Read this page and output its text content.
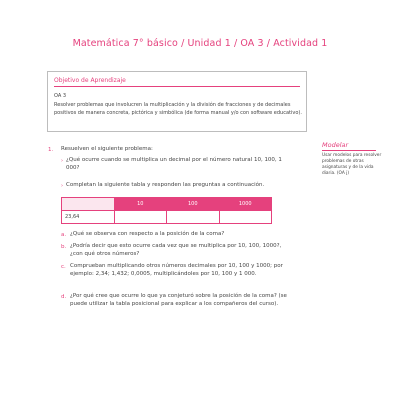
Matemática 7° básico / Unidad 1 / OA 3 / Actividad 1
Objetivo de Aprendizaje
OA 3
Resolver problemas que involucren la multiplicación y la división de fracciones y de decimales positivos de manera concreta, pictórica y simbólica (de forma manual y/o con software educativo).
Modelar
Usar modelos para resolver problemas de otras asignaturas y de la vida diaria. (OA j)
1. Resuelven el siguiente problema:
› ¿Qué ocurre cuando se multiplica un decimal por el número natural 10, 100, 1 000?
› Completan la siguiente tabla y responden las preguntas a continuación.
	10	100	1000
23,64			
a. ¿Qué se observa con respecto a la posición de la coma?
b. ¿Podría decir que esto ocurre cada vez que se multiplica por 10, 100, 1000?, ¿con qué otros números?
c. Comprueban multiplicando otros números decimales por 10, 100 y 1000; por ejemplo: 2,34; 1,432; 0,0005, multiplicándoles por 10, 100 y 1 000.
d. ¿Por qué cree que ocurre lo que ya conjeturó sobre la posición de la coma? (se puede utilizar la tabla posicional para explicar a los compañeros del curso).
